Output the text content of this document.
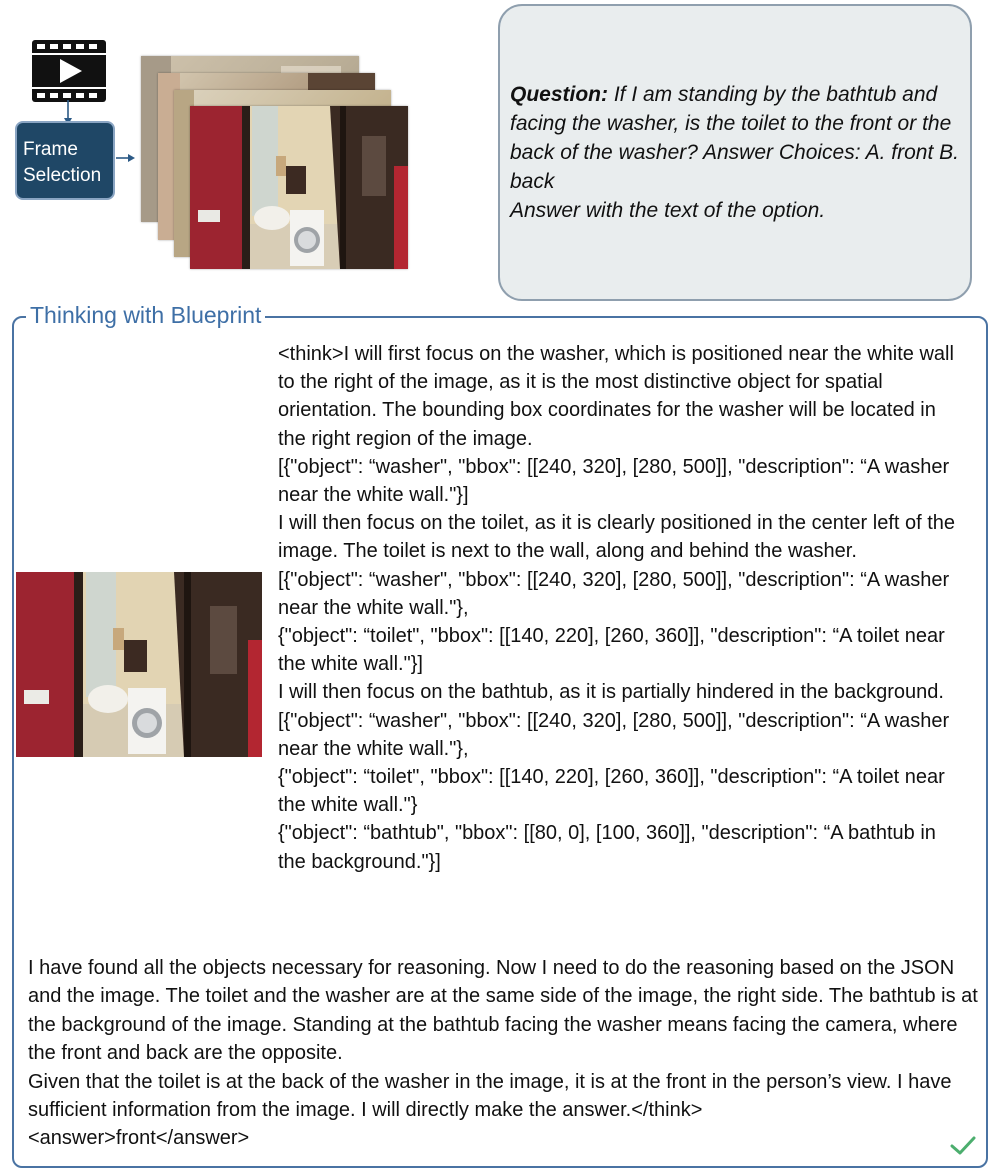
Frame
Selection
Question: If I am standing by the bathtub and facing the washer, is the toilet to the front or the back of the washer? Answer Choices: A. front B. back
Answer with the text of the option.
Thinking with Blueprint

<think>I will first focus on the washer, which is positioned near the white wall to the right of the image, as it is the most distinctive object for spatial orientation. The bounding box coordinates for the washer will be located in the right region of the image.

[{"object": “washer", "bbox": [[240, 320], [280, 500]], "description": “A washer near the white wall."}]

I will then focus on the toilet, as it is clearly positioned in the center left of the image. The toilet is next to the wall, along and behind the washer.

[{"object": “washer", "bbox": [[240, 320], [280, 500]], "description": “A washer near the white wall."},

{"object": “toilet", "bbox": [[140, 220], [260, 360]], "description": “A toilet near the white wall."}]

I will then focus on the bathtub, as it is partially hindered in the background.

[{"object": “washer", "bbox": [[240, 320], [280, 500]], "description": “A washer near the white wall."},

{"object": “toilet", "bbox": [[140, 220], [260, 360]], "description": “A toilet near the white wall."}

{"object": “bathtub", "bbox": [[80, 0], [100, 360]], "description": “A bathtub in the background."}]

I have found all the objects necessary for reasoning. Now I need to do the reasoning based on the JSON and the image. The toilet and the washer are at the same side of the image, the right side. The bathtub is at the background of the image. Standing at the bathtub facing the washer means facing the camera, where the front and back are the opposite.

Given that the toilet is at the back of the washer in the image, it is at the front in the person’s view. I have sufficient information from the image. I will directly make the answer.</think>

<answer>front</answer>
